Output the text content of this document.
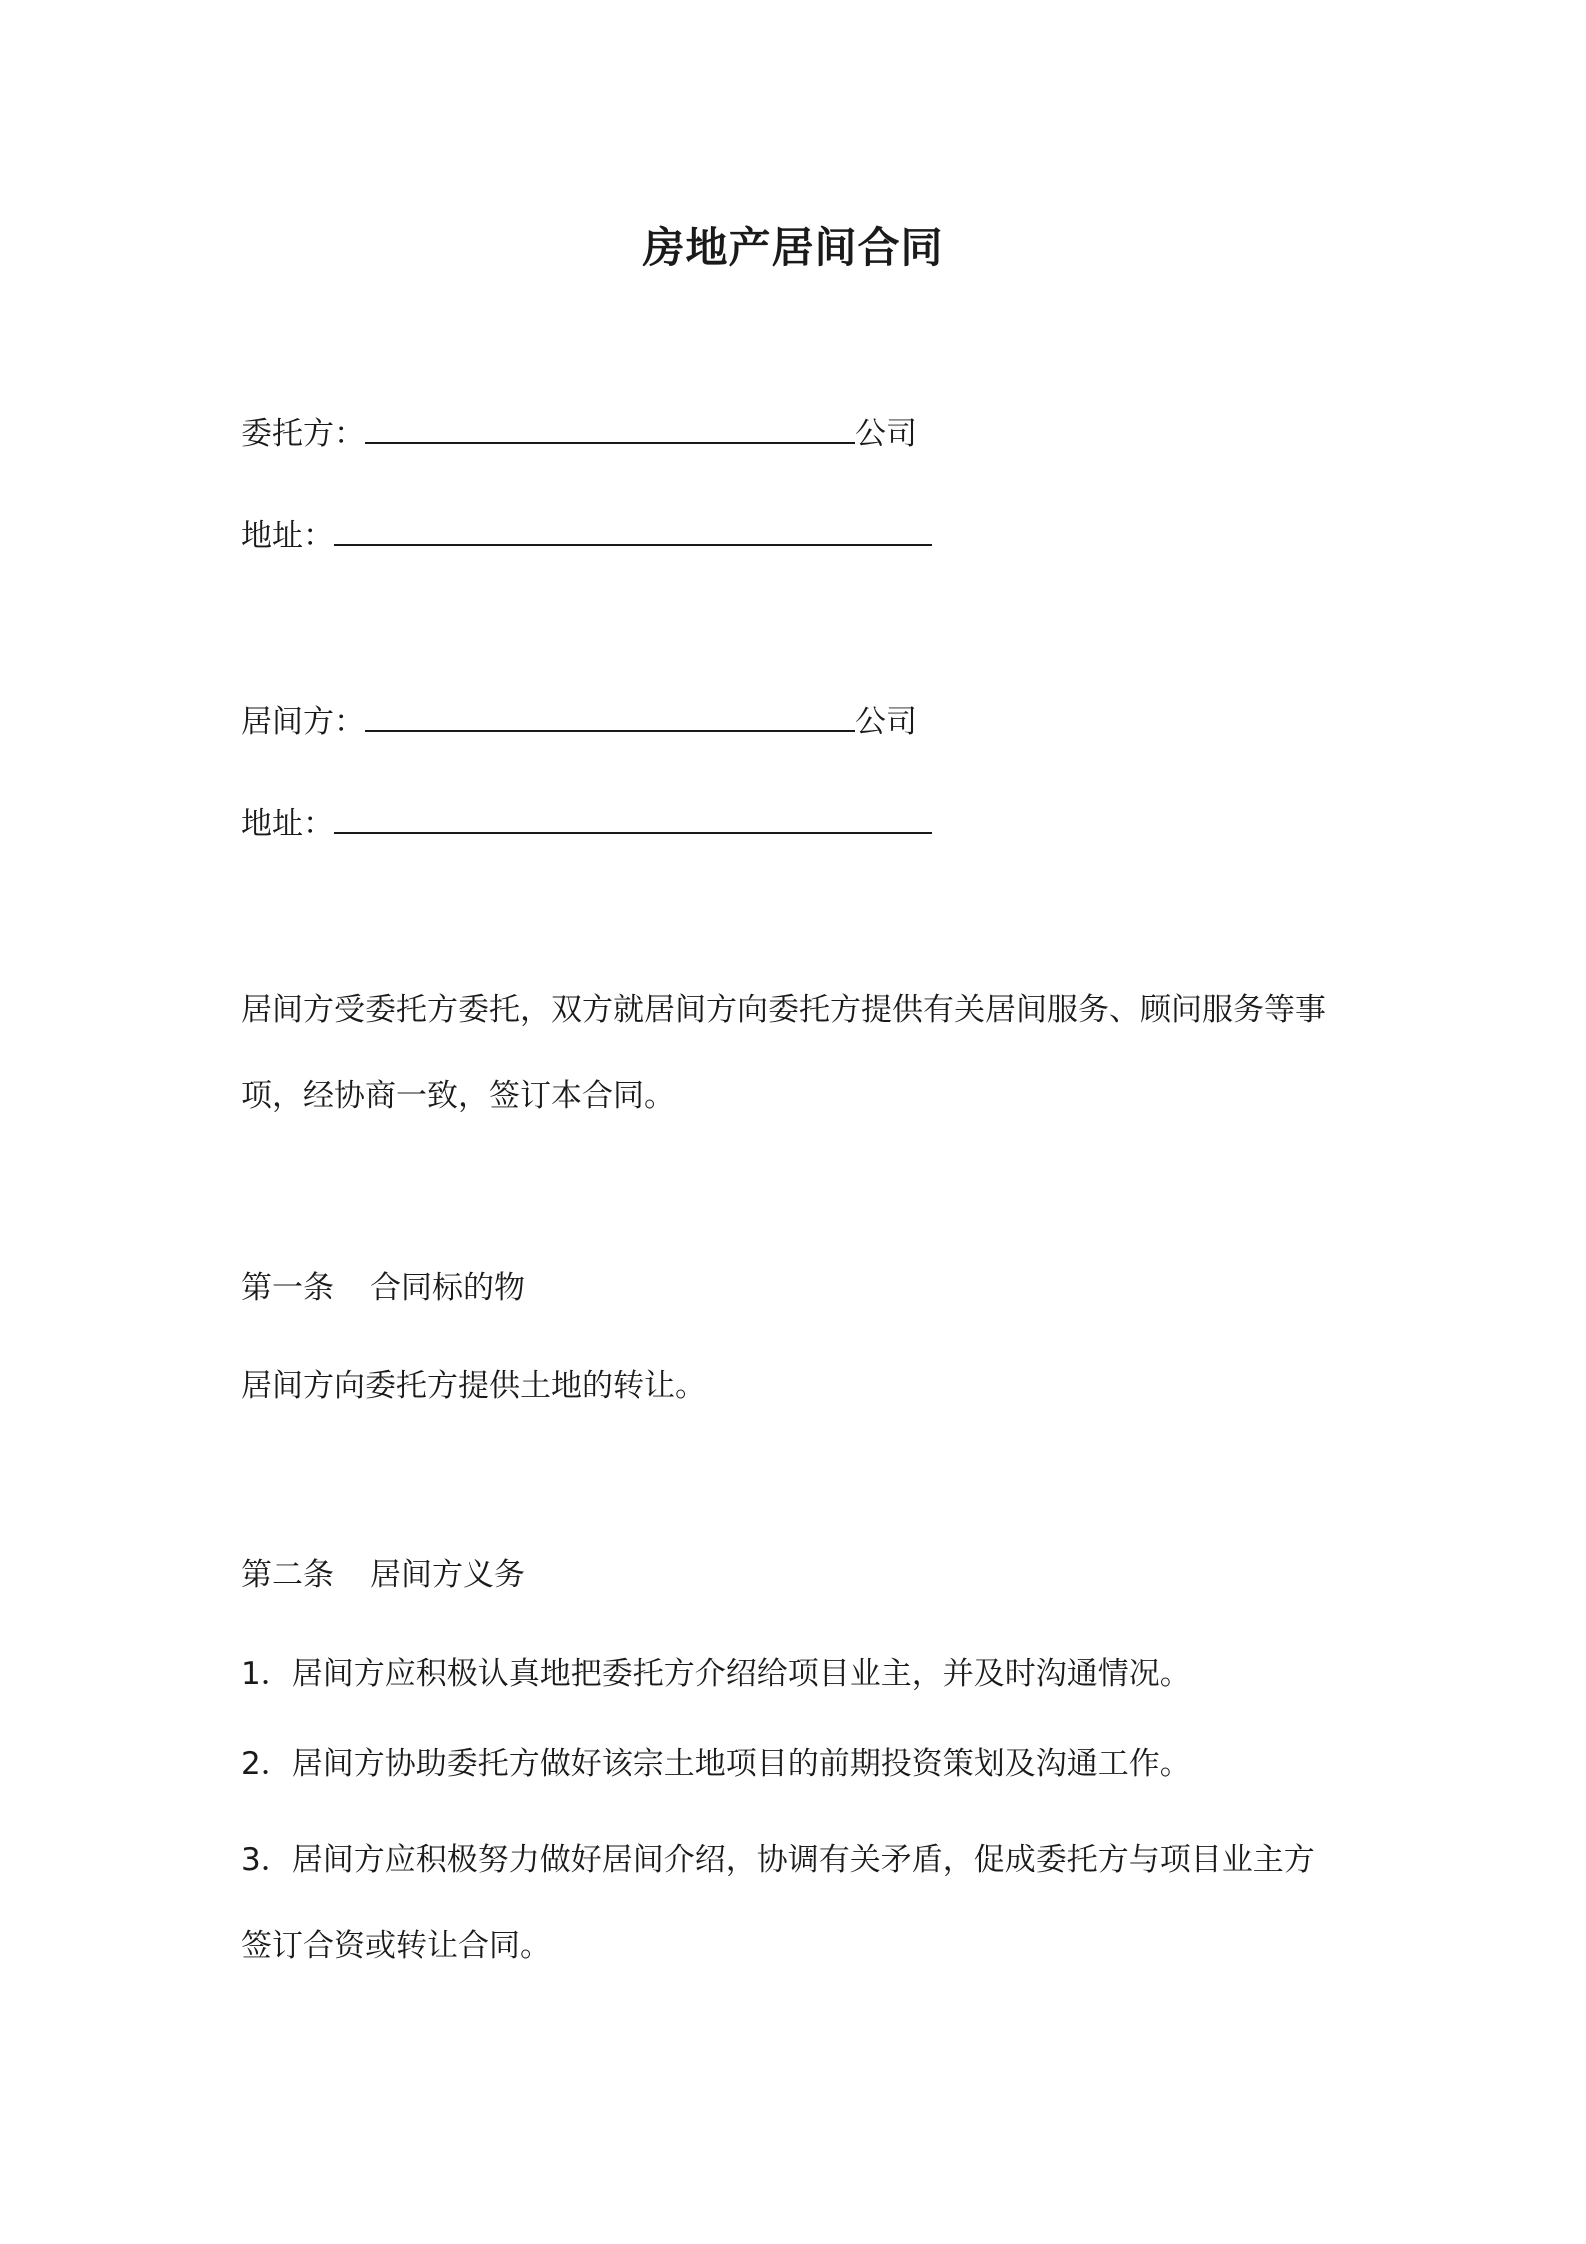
房地产居间合同
委托方：	公司
地址：
居间方：	公司
地址：
居间方受委托方委托，双方就居间方向委托方提供有关居间服务、顾问服务等事
项，经协商一致，签订本合同。
第一条 合同标的物
居间方向委托方提供土地的转让。
第二条 居间方义务
1．居间方应积极认真地把委托方介绍给项目业主，并及时沟通情况。
2．居间方协助委托方做好该宗土地项目的前期投资策划及沟通工作。
3．居间方应积极努力做好居间介绍，协调有关矛盾，促成委托方与项目业主方
签订合资或转让合同。
